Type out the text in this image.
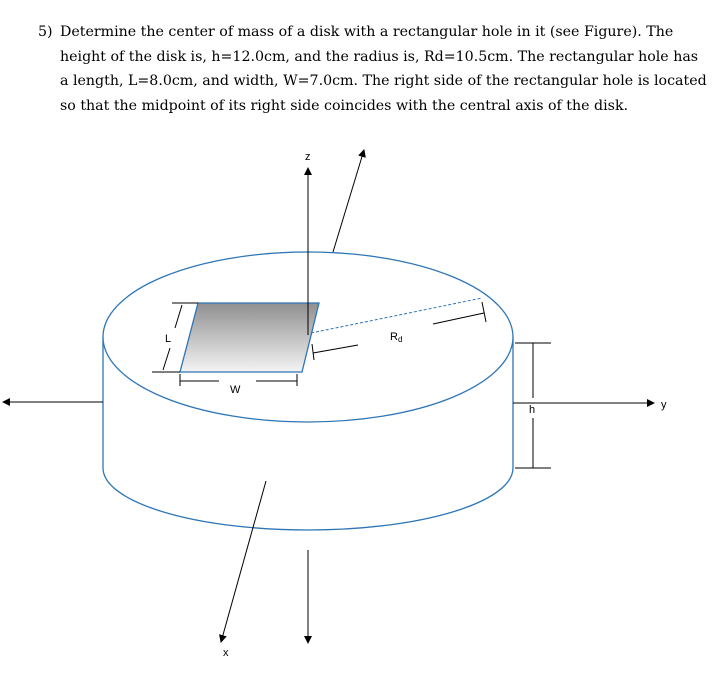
5) Determine the center of mass of a disk with a rectangular hole in it (see Figure). The
height of the disk is, h=12.0cm, and the radius is, Rd=10.5cm. The rectangular hole has
a length, L=8.0cm, and width, W=7.0cm. The right side of the rectangular hole is located
so that the midpoint of its right side coincides with the central axis of the disk.
Rd
L
W
h
z
y
x
